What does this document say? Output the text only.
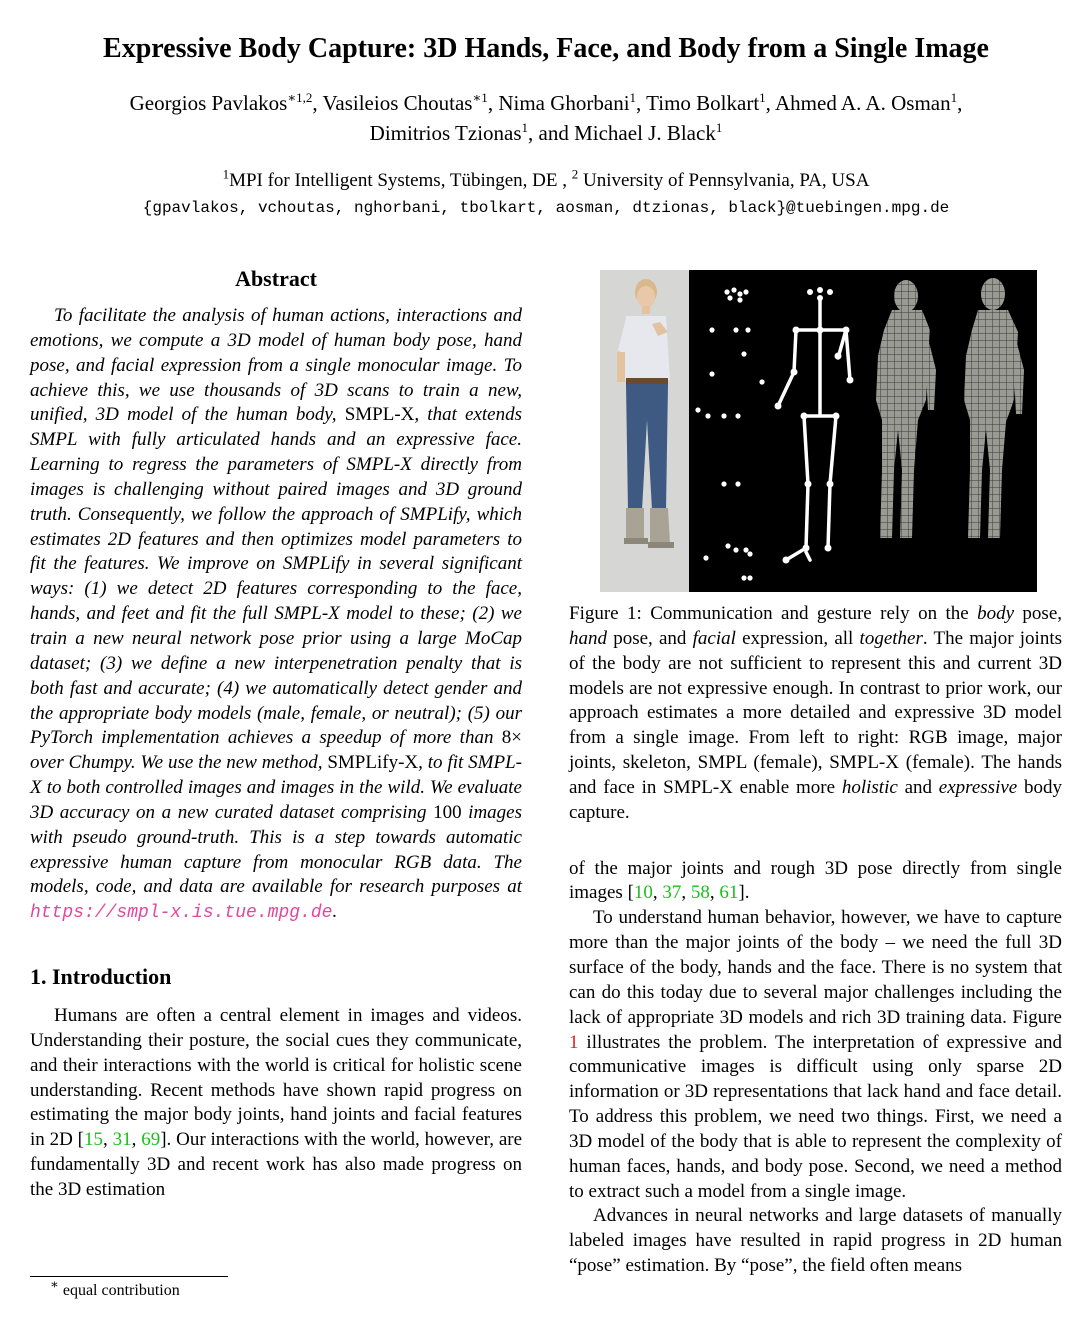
Expressive Body Capture: 3D Hands, Face, and Body from a Single Image
Georgios Pavlakos$^{∗1,2}$, Vasileios Choutas$^{∗1}$, Nima Ghorbani$^1$, Timo Bolkart$^1$, Ahmed A. A. Osman$^1$,
Dimitrios Tzionas$^1$, and Michael J. Black$^1$
$^1$MPI for Intelligent Systems, Tübingen, DE , $^2$ University of Pennsylvania, PA, USA
{gpavlakos, vchoutas, nghorbani, tbolkart, aosman, dtzionas, black}@tuebingen.mpg.de
Abstract

To facilitate the analysis of human actions, interactions and emotions, we compute a 3D model of human body pose, hand pose, and facial expression from a single monocular image. To achieve this, we use thousands of 3D scans to train a new, unified, 3D model of the human body, SMPL-X, that extends SMPL with fully articulated hands and an expressive face. Learning to regress the parameters of SMPL-X directly from images is challenging without paired images and 3D ground truth. Consequently, we follow the approach of SMPLify, which estimates 2D features and then optimizes model parameters to fit the features. We improve on SMPLify in several significant ways: (1) we detect 2D features corresponding to the face, hands, and feet and fit the full SMPL-X model to these; (2) we train a new neural network pose prior using a large MoCap dataset; (3) we define a new interpenetration penalty that is both fast and accurate; (4) we automatically detect gender and the appropriate body models (male, female, or neutral); (5) our PyTorch implementation achieves a speedup of more than 8× over Chumpy. We use the new method, SMPLify-X, to fit SMPL-X to both controlled images and images in the wild. We evaluate 3D accuracy on a new curated dataset comprising 100 images with pseudo ground-truth. This is a step towards automatic expressive human capture from monocular RGB data. The models, code, and data are available for research purposes at https://smpl-x.is.tue.mpg.de.

1. Introduction

Humans are often a central element in images and videos. Understanding their posture, the social cues they communicate, and their interactions with the world is critical for holistic scene understanding. Recent methods have shown rapid progress on estimating the major body joints, hand joints and facial features in 2D [15, 31, 69]. Our interactions with the world, however, are fundamentally 3D and recent work has also made progress on the 3D estimation

∗ equal contribution

Figure 1: Communication and gesture rely on the body pose, hand pose, and facial expression, all together. The major joints of the body are not sufficient to represent this and current 3D models are not expressive enough. In contrast to prior work, our approach estimates a more detailed and expressive 3D model from a single image. From left to right: RGB image, major joints, skeleton, SMPL (female), SMPL-X (female). The hands and face in SMPL-X enable more holistic and expressive body capture.

of the major joints and rough 3D pose directly from single images [10, 37, 58, 61].

To understand human behavior, however, we have to capture more than the major joints of the body – we need the full 3D surface of the body, hands and the face. There is no system that can do this today due to several major challenges including the lack of appropriate 3D models and rich 3D training data. Figure 1 illustrates the problem. The interpretation of expressive and communicative images is difficult using only sparse 2D information or 3D representations that lack hand and face detail. To address this problem, we need two things. First, we need a 3D model of the body that is able to represent the complexity of human faces, hands, and body pose. Second, we need a method to extract such a model from a single image.

Advances in neural networks and large datasets of manually labeled images have resulted in rapid progress in 2D human “pose” estimation. By “pose”, the field often means
